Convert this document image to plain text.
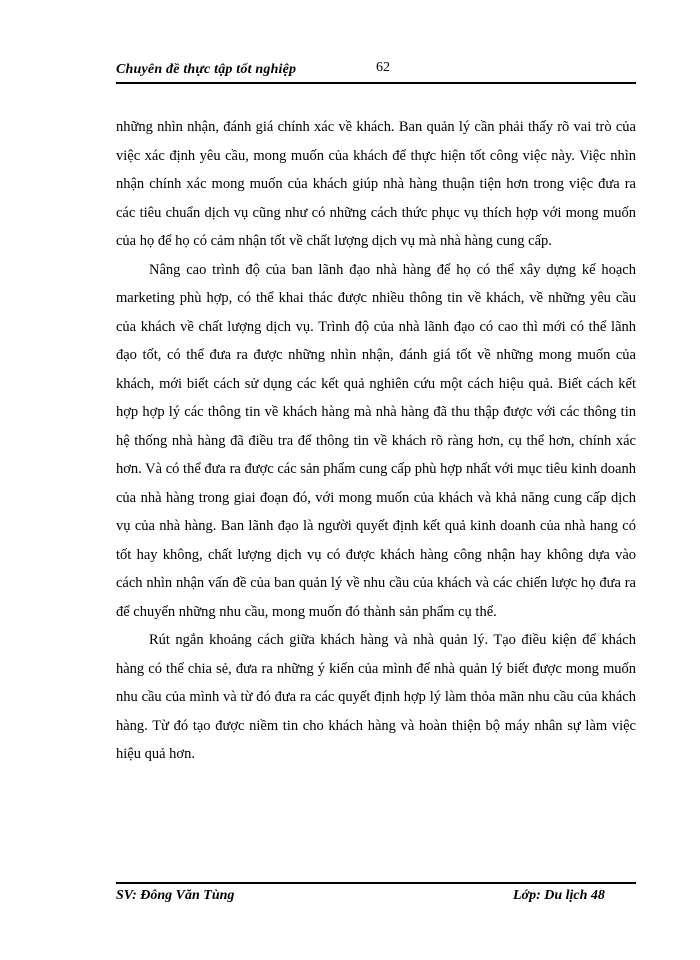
Chuyên đề thực tập tốt nghiệp	62

những nhìn nhận, đánh giá chính xác về khách. Ban quản lý cần phải thấy rõ vai trò của việc xác định yêu cầu, mong muốn của khách để thực hiện tốt công việc này. Việc nhìn nhận chính xác mong muốn của khách giúp nhà hàng thuận tiện hơn trong việc đưa ra các tiêu chuẩn dịch vụ cũng như có những cách thức phục vụ thích hợp với mong muốn của họ để họ có cảm nhận tốt về chất lượng dịch vụ mà nhà hàng cung cấp.

Nâng cao trình độ của ban lãnh đạo nhà hàng để họ có thể xây dựng kế hoạch marketing phù hợp, có thể khai thác được nhiều thông tin về khách, về những yêu cầu của khách về chất lượng dịch vụ. Trình độ của nhà lãnh đạo có cao thì mới có thể lãnh đạo tốt, có thể đưa ra được những nhìn nhận, đánh giá tốt về những mong muốn của khách, mới biết cách sử dụng các kết quả nghiên cứu một cách hiệu quả. Biết cách kết hợp hợp lý các thông tin về khách hàng mà nhà hàng đã thu thập được với các thông tin hệ thống nhà hàng đã điều tra để thông tin về khách rõ ràng hơn, cụ thể hơn, chính xác hơn. Và có thể đưa ra được các sản phẩm cung cấp phù hợp nhất với mục tiêu kinh doanh của nhà hàng trong giai đoạn đó, với mong muốn của khách và khả năng cung cấp dịch vụ của nhà hàng. Ban lãnh đạo là người quyết định kết quả kinh doanh của nhà hang có tốt hay không, chất lượng dịch vụ có được khách hàng công nhận hay không dựa vào cách nhìn nhận vấn đề của ban quản lý về nhu cầu của khách và các chiến lược họ đưa ra để chuyển những nhu cầu, mong muốn đó thành sản phẩm cụ thể.

Rút ngắn khoảng cách giữa khách hàng và nhà quản lý. Tạo điều kiện để khách hàng có thể chia sẻ, đưa ra những ý kiến của mình để nhà quản lý biết được mong muốn nhu cầu của mình và từ đó đưa ra các quyết định hợp lý làm thỏa mãn nhu cầu của khách hàng. Từ đó tạo được niềm tin cho khách hàng và hoàn thiện bộ máy nhân sự làm việc hiệu quả hơn.

SV: Đông Văn Tùng	Lớp: Du lịch 48
